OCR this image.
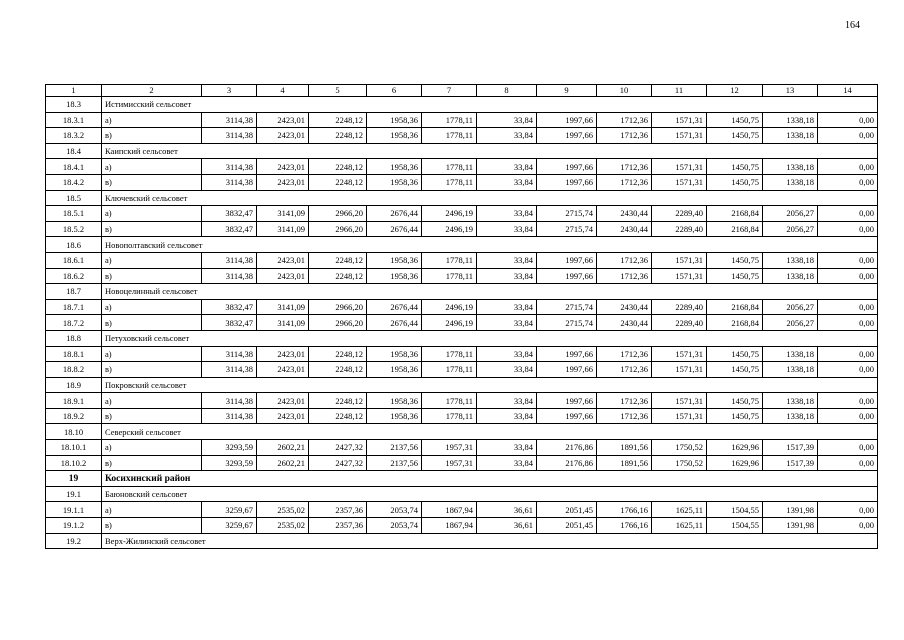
164
1	2	3	4	5	6	7	8	9	10	11	12	13	14
18.3	Истимисский сельсовет												
18.3.1	а)	3114,38	2423,01	2248,12	1958,36	1778,11	33,84	1997,66	1712,36	1571,31	1450,75	1338,18	0,00
18.3.2	в)	3114,38	2423,01	2248,12	1958,36	1778,11	33,84	1997,66	1712,36	1571,31	1450,75	1338,18	0,00
18.4	Каипский сельсовет												
18.4.1	а)	3114,38	2423,01	2248,12	1958,36	1778,11	33,84	1997,66	1712,36	1571,31	1450,75	1338,18	0,00
18.4.2	в)	3114,38	2423,01	2248,12	1958,36	1778,11	33,84	1997,66	1712,36	1571,31	1450,75	1338,18	0,00
18.5	Ключевский сельсовет												
18.5.1	а)	3832,47	3141,09	2966,20	2676,44	2496,19	33,84	2715,74	2430,44	2289,40	2168,84	2056,27	0,00
18.5.2	в)	3832,47	3141,09	2966,20	2676,44	2496,19	33,84	2715,74	2430,44	2289,40	2168,84	2056,27	0,00
18.6	Новополтавский сельсовет												
18.6.1	а)	3114,38	2423,01	2248,12	1958,36	1778,11	33,84	1997,66	1712,36	1571,31	1450,75	1338,18	0,00
18.6.2	в)	3114,38	2423,01	2248,12	1958,36	1778,11	33,84	1997,66	1712,36	1571,31	1450,75	1338,18	0,00
18.7	Новоцелинный сельсовет												
18.7.1	а)	3832,47	3141,09	2966,20	2676,44	2496,19	33,84	2715,74	2430,44	2289,40	2168,84	2056,27	0,00
18.7.2	в)	3832,47	3141,09	2966,20	2676,44	2496,19	33,84	2715,74	2430,44	2289,40	2168,84	2056,27	0,00
18.8	Петуховский сельсовет												
18.8.1	а)	3114,38	2423,01	2248,12	1958,36	1778,11	33,84	1997,66	1712,36	1571,31	1450,75	1338,18	0,00
18.8.2	в)	3114,38	2423,01	2248,12	1958,36	1778,11	33,84	1997,66	1712,36	1571,31	1450,75	1338,18	0,00
18.9	Покровский сельсовет												
18.9.1	а)	3114,38	2423,01	2248,12	1958,36	1778,11	33,84	1997,66	1712,36	1571,31	1450,75	1338,18	0,00
18.9.2	в)	3114,38	2423,01	2248,12	1958,36	1778,11	33,84	1997,66	1712,36	1571,31	1450,75	1338,18	0,00
18.10	Северский сельсовет												
18.10.1	а)	3293,59	2602,21	2427,32	2137,56	1957,31	33,84	2176,86	1891,56	1750,52	1629,96	1517,39	0,00
18.10.2	в)	3293,59	2602,21	2427,32	2137,56	1957,31	33,84	2176,86	1891,56	1750,52	1629,96	1517,39	0,00
19	Косихинский район												
19.1	Баюновский сельсовет												
19.1.1	а)	3259,67	2535,02	2357,36	2053,74	1867,94	36,61	2051,45	1766,16	1625,11	1504,55	1391,98	0,00
19.1.2	в)	3259,67	2535,02	2357,36	2053,74	1867,94	36,61	2051,45	1766,16	1625,11	1504,55	1391,98	0,00
19.2	Верх-Жилинский сельсовет												
